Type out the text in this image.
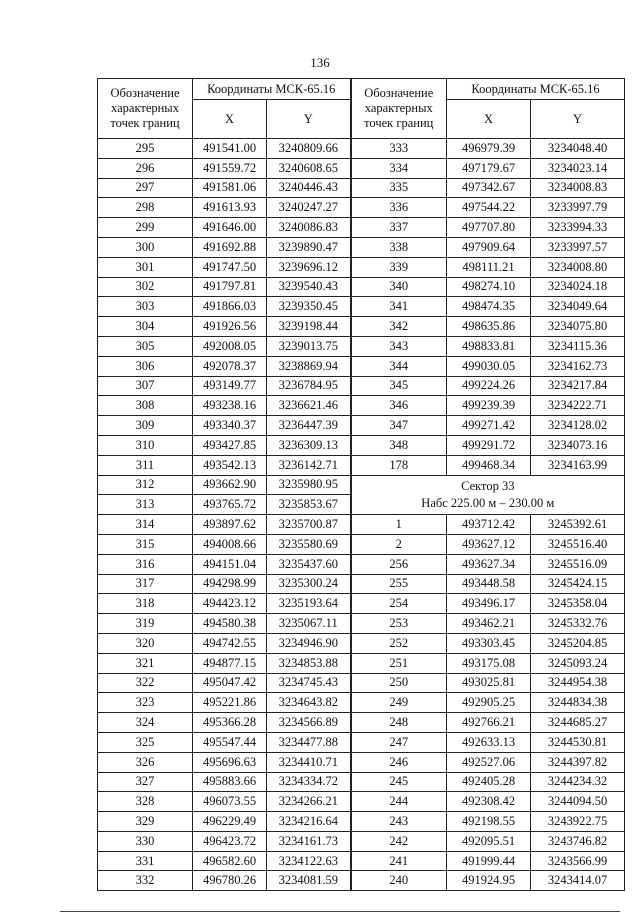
136
Обозначение характерных точек границ	Координаты МСК-65.16		Обозначение характерных точек границ	Координаты МСК-65.16	
	X	Y		X	Y
295	491541.00	3240809.66	333	496979.39	3234048.40
296	491559.72	3240608.65	334	497179.67	3234023.14
297	491581.06	3240446.43	335	497342.67	3234008.83
298	491613.93	3240247.27	336	497544.22	3233997.79
299	491646.00	3240086.83	337	497707.80	3233994.33
300	491692.88	3239890.47	338	497909.64	3233997.57
301	491747.50	3239696.12	339	498111.21	3234008.80
302	491797.81	3239540.43	340	498274.10	3234024.18
303	491866.03	3239350.45	341	498474.35	3234049.64
304	491926.56	3239198.44	342	498635.86	3234075.80
305	492008.05	3239013.75	343	498833.81	3234115.36
306	492078.37	3238869.94	344	499030.05	3234162.73
307	493149.77	3236784.95	345	499224.26	3234217.84
308	493238.16	3236621.46	346	499239.39	3234222.71
309	493340.37	3236447.39	347	499271.42	3234128.02
310	493427.85	3236309.13	348	499291.72	3234073.16
311	493542.13	3236142.71	178	499468.34	3234163.99
312	493662.90	3235980.95	Сектор 33
Набс 225.00 м – 230.00 м		

313	493765.72	3235853.67			
314	493897.62	3235700.87	1	493712.42	3245392.61
315	494008.66	3235580.69	2	493627.12	3245516.40
316	494151.04	3235437.60	256	493627.34	3245516.09
317	494298.99	3235300.24	255	493448.58	3245424.15
318	494423.12	3235193.64	254	493496.17	3245358.04
319	494580.38	3235067.11	253	493462.21	3245332.76
320	494742.55	3234946.90	252	493303.45	3245204.85
321	494877.15	3234853.88	251	493175.08	3245093.24
322	495047.42	3234745.43	250	493025.81	3244954.38
323	495221.86	3234643.82	249	492905.25	3244834.38
324	495366.28	3234566.89	248	492766.21	3244685.27
325	495547.44	3234477.88	247	492633.13	3244530.81
326	495696.63	3234410.71	246	492527.06	3244397.82
327	495883.66	3234334.72	245	492405.28	3244234.32
328	496073.55	3234266.21	244	492308.42	3244094.50
329	496229.49	3234216.64	243	492198.55	3243922.75
330	496423.72	3234161.73	242	492095.51	3243746.82
331	496582.60	3234122.63	241	491999.44	3243566.99
332	496780.26	3234081.59	240	491924.95	3243414.07
